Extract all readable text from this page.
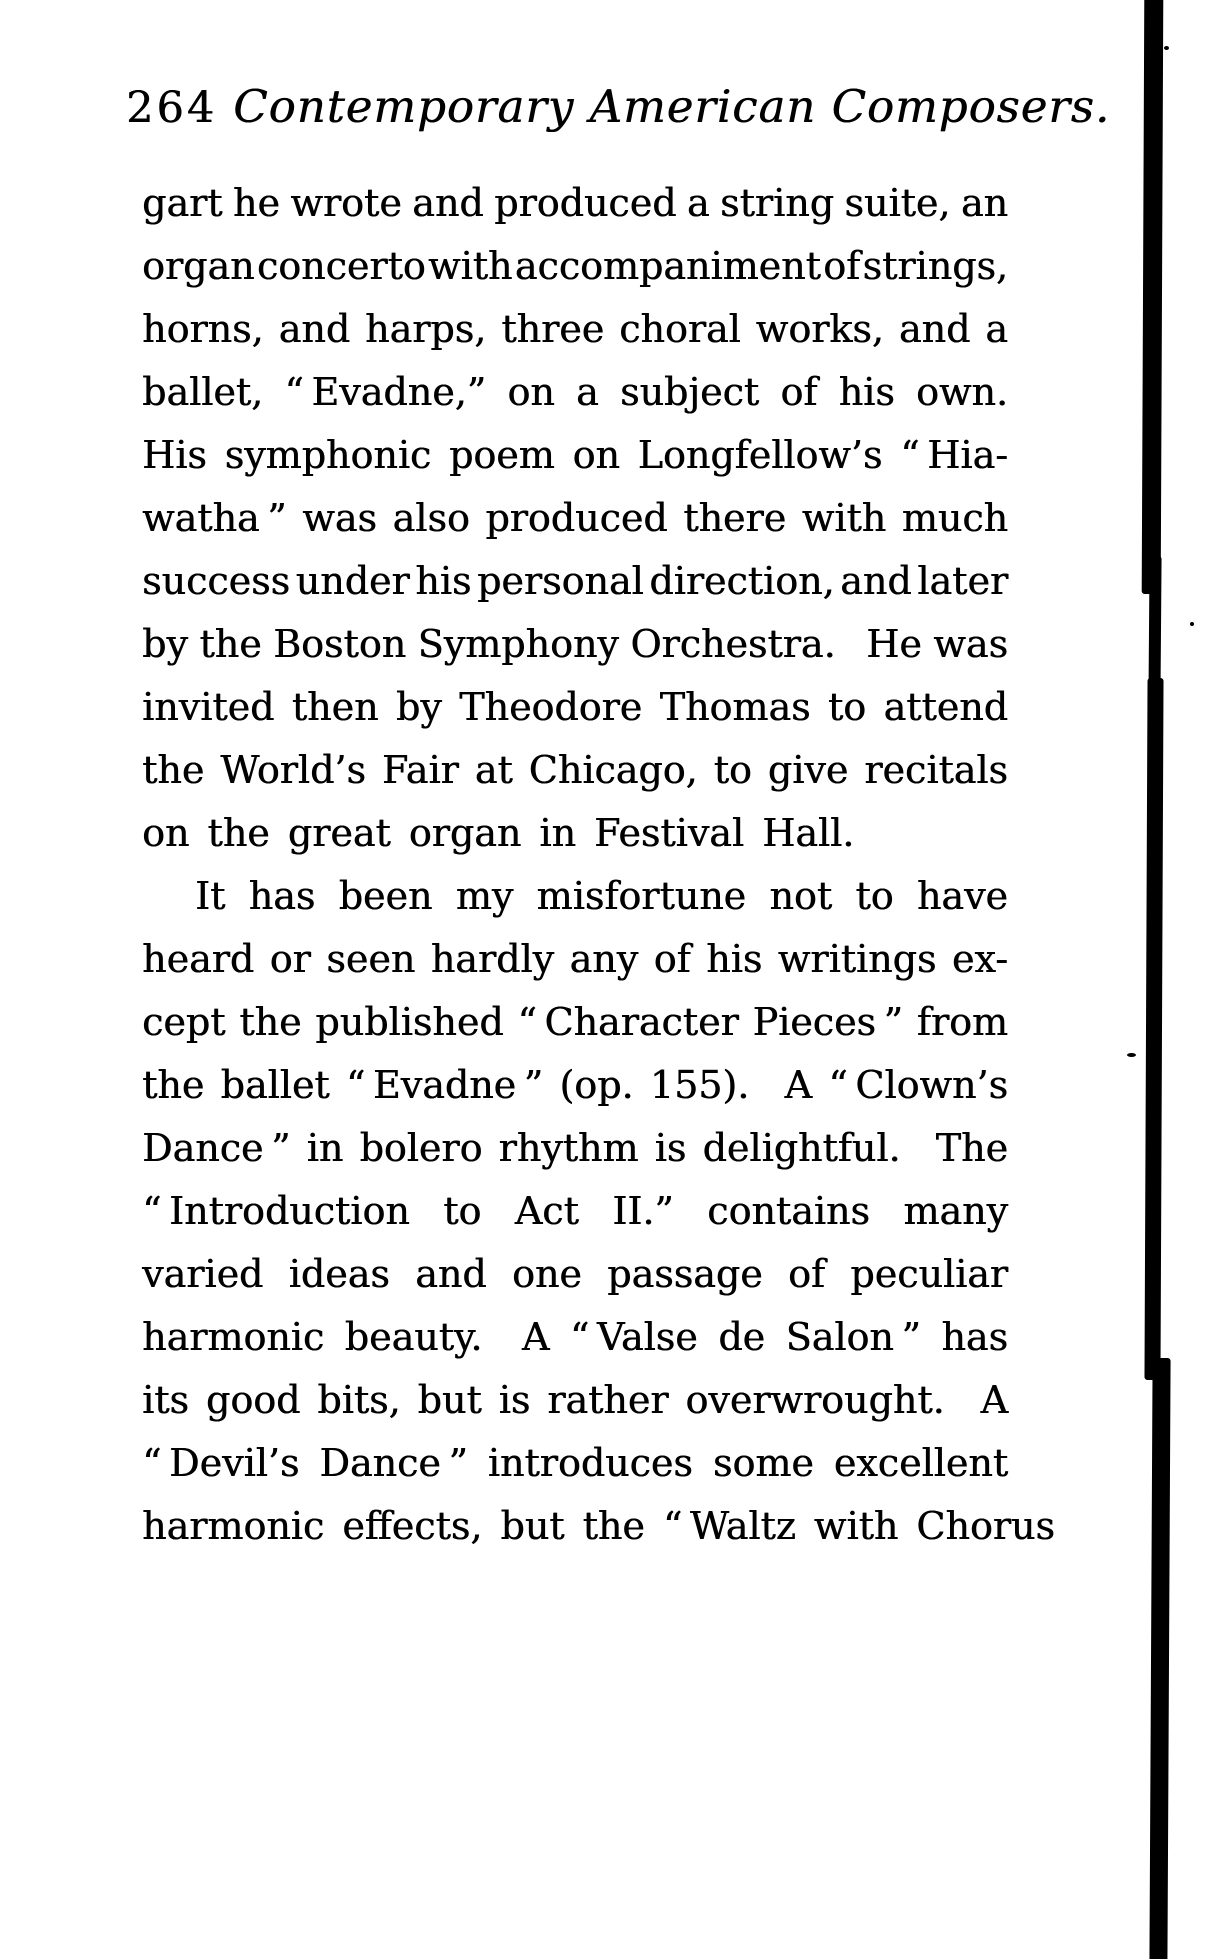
264 Contemporary American Composers.
gart he wrote and produced a string suite, an
organ concerto with accompaniment of strings,
horns, and harps, three choral works, and a
ballet, “ Evadne,” on a subject of his own.
His symphonic poem on Longfellow’s “ Hia-
watha ” was also produced there with much
success under his personal direction, and later
by the Boston Symphony Orchestra.  He was
invited then by Theodore Thomas to attend
the World’s Fair at Chicago, to give recitals
on the great organ in Festival Hall.
It has been my misfortune not to have
heard or seen hardly any of his writings ex-
cept the published “ Character Pieces ” from
the ballet “ Evadne ” (op. 155).  A “ Clown’s
Dance ” in bolero rhythm is delightful.  The
“ Introduction to Act II.” contains many
varied ideas and one passage of peculiar
harmonic beauty.  A “ Valse de Salon ” has
its good bits, but is rather overwrought.  A
“ Devil’s Dance ” introduces some excellent
harmonic effects, but the “ Waltz with Chorus
